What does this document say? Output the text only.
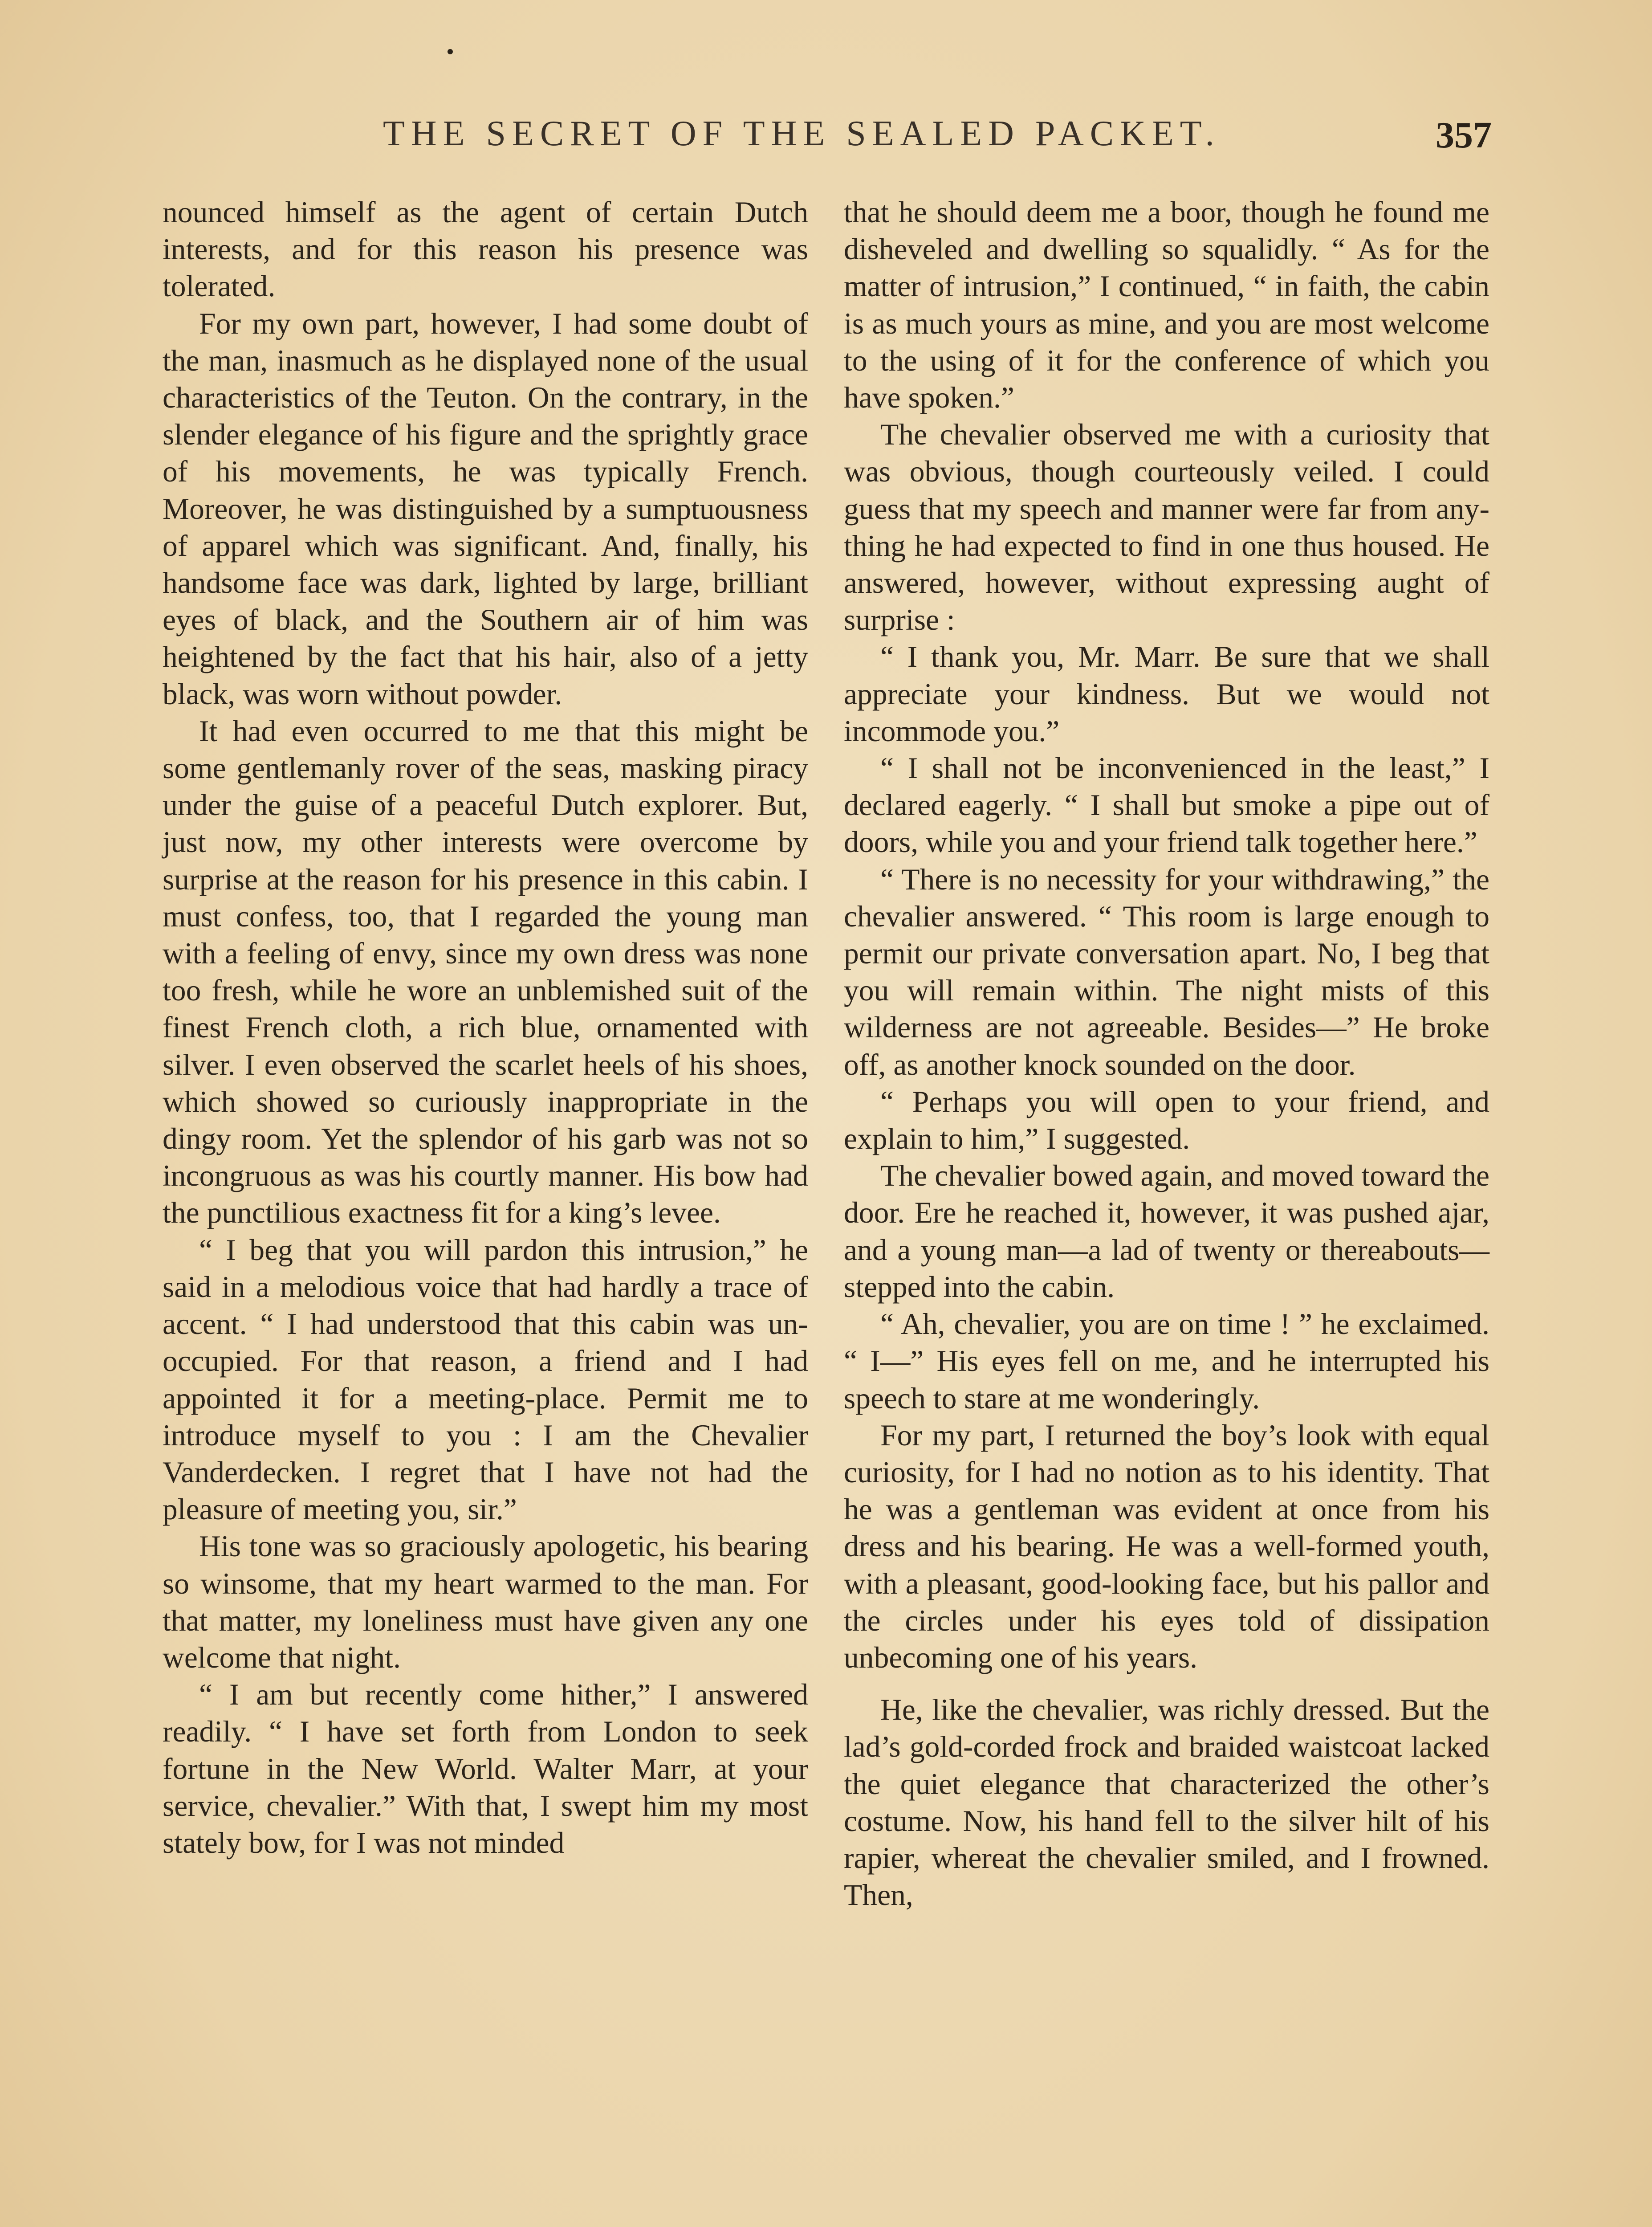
THE SECRET OF THE SEALED PACKET.	357

nounced himself as the agent of certain Dutch interests, and for this reason his presence was tolerated.

For my own part, however, I had some doubt of the man, inasmuch as he displayed none of the usual characteristics of the Teuton. On the contrary, in the slender elegance of his figure and the sprightly grace of his movements, he was typically French. Moreover, he was distinguished by a sumptuousness of apparel which was significant. And, finally, his handsome face was dark, lighted by large, brilliant eyes of black, and the Southern air of him was heightened by the fact that his hair, also of a jetty black, was worn without powder.

It had even occurred to me that this might be some gentlemanly rover of the seas, masking piracy under the guise of a peaceful Dutch explorer. But, just now, my other interests were overcome by surprise at the reason for his presence in this cabin. I must confess, too, that I regarded the young man with a feeling of envy, since my own dress was none too fresh, while he wore an unblemished suit of the finest French cloth, a rich blue, ornamented with silver. I even observed the scarlet heels of his shoes, which showed so curiously inappropriate in the dingy room. Yet the splendor of his garb was not so incongruous as was his courtly manner. His bow had the punctilious exactness fit for a king’s levee.

“ I beg that you will pardon this intrusion,” he said in a melodious voice that had hardly a trace of accent. “ I had understood that this cabin was unoccupied. For that reason, a friend and I had appointed it for a meeting-place. Permit me to introduce myself to you : I am the Chevalier Vanderdecken. I regret that I have not had the pleasure of meeting you, sir.”

His tone was so graciously apologetic, his bearing so winsome, that my heart warmed to the man. For that matter, my loneliness must have given any one welcome that night.

“ I am but recently come hither,” I answered readily. “ I have set forth from London to seek fortune in the New World. Walter Marr, at your service, chevalier.” With that, I swept him my most stately bow, for I was not minded

that he should deem me a boor, though he found me disheveled and dwelling so squalidly. “ As for the matter of intrusion,” I continued, “ in faith, the cabin is as much yours as mine, and you are most welcome to the using of it for the conference of which you have spoken.”

The chevalier observed me with a curiosity that was obvious, though courteously veiled. I could guess that my speech and manner were far from anything he had expected to find in one thus housed. He answered, however, without expressing aught of surprise :

“ I thank you, Mr. Marr. Be sure that we shall appreciate your kindness. But we would not incommode you.”

“ I shall not be inconvenienced in the least,” I declared eagerly. “ I shall but smoke a pipe out of doors, while you and your friend talk together here.”

“ There is no necessity for your withdrawing,” the chevalier answered. “ This room is large enough to permit our private conversation apart. No, I beg that you will remain within. The night mists of this wilderness are not agreeable. Besides—” He broke off, as another knock sounded on the door.

“ Perhaps you will open to your friend, and explain to him,” I suggested.

The chevalier bowed again, and moved toward the door. Ere he reached it, however, it was pushed ajar, and a young man—a lad of twenty or thereabouts—stepped into the cabin.

“ Ah, chevalier, you are on time ! ” he exclaimed. “ I—” His eyes fell on me, and he interrupted his speech to stare at me wonderingly.

For my part, I returned the boy’s look with equal curiosity, for I had no notion as to his identity. That he was a gentleman was evident at once from his dress and his bearing. He was a well-formed youth, with a pleasant, good-looking face, but his pallor and the circles under his eyes told of dissipation unbecoming one of his years.

He, like the chevalier, was richly dressed. But the lad’s gold-corded frock and braided waistcoat lacked the quiet elegance that characterized the other’s costume. Now, his hand fell to the silver hilt of his rapier, whereat the chevalier smiled, and I frowned. Then,
